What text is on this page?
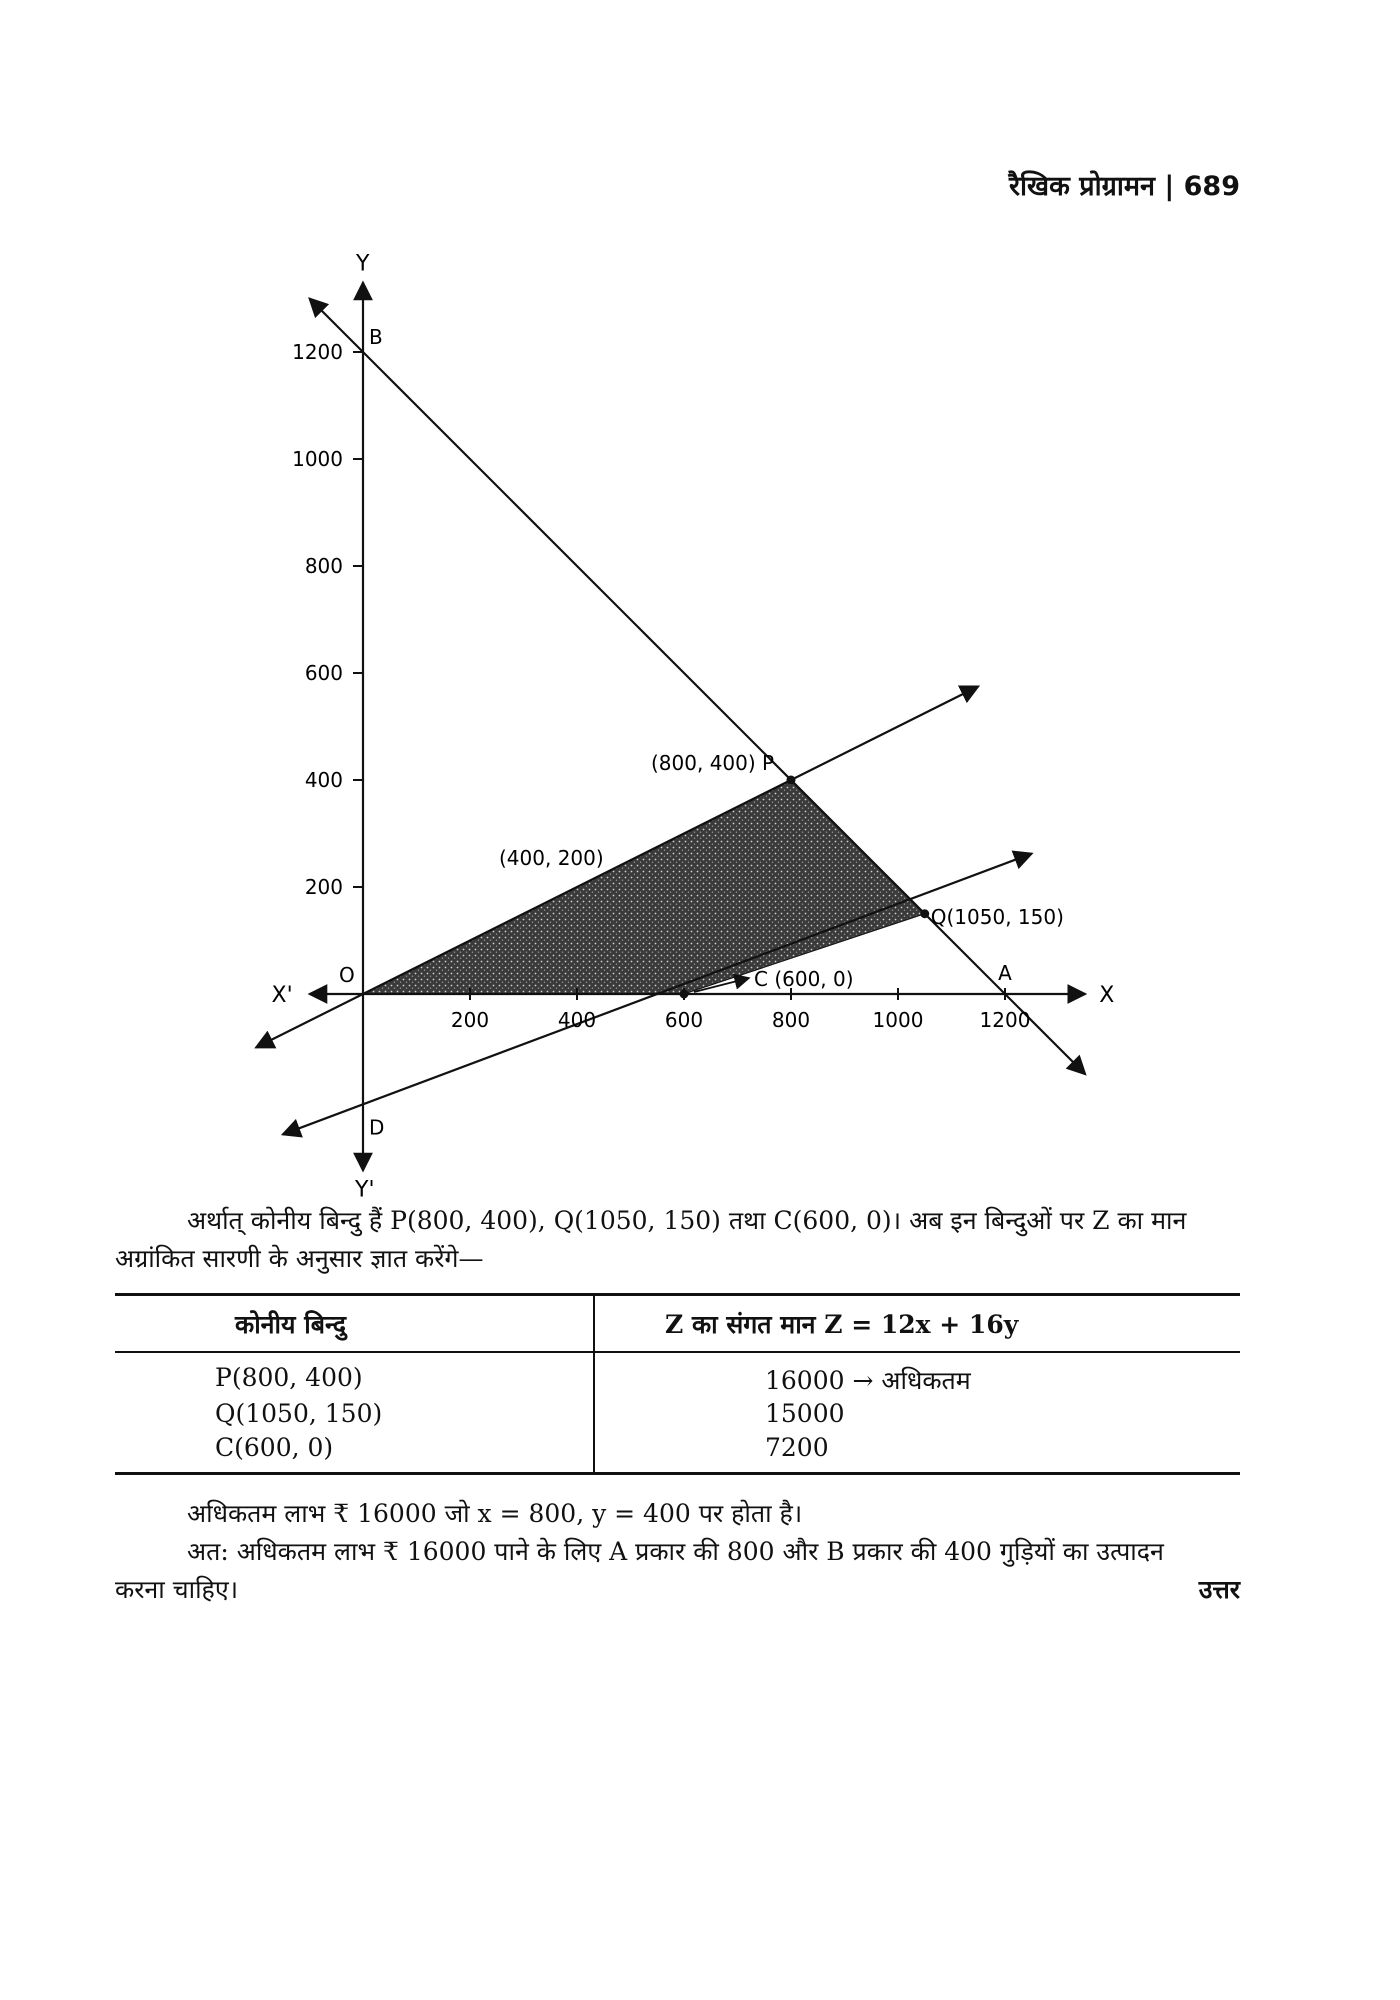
रैखिक प्रोग्रामन | 689
200	400	600	800	1000	1200
200
400
600
800
1000
1200
O
B
A
D
(800, 400) P
(400, 200)
Q(1050, 150)
C (600, 0)
X
X'
Y
Y'

अर्थात् कोनीय बिन्दु हैं P(800, 400), Q(1050, 150) तथा C(600, 0)। अब इन बिन्दुओं पर Z का मान
अग्रांकित सारणी के अनुसार ज्ञात करेंगे—

कोनीय बिन्दु	Z का संगत मान Z = 12x + 16y
P(800, 400)	16000 → अधिकतम
Q(1050, 150)	15000
C(600, 0)	7200

अधिकतम लाभ ₹ 16000 जो x = 800, y = 400 पर होता है।

अत: अधिकतम लाभ ₹ 16000 पाने के लिए A प्रकार की 800 और B प्रकार की 400 गुड़ियों का उत्पादन
करना चाहिए।	उत्तर
